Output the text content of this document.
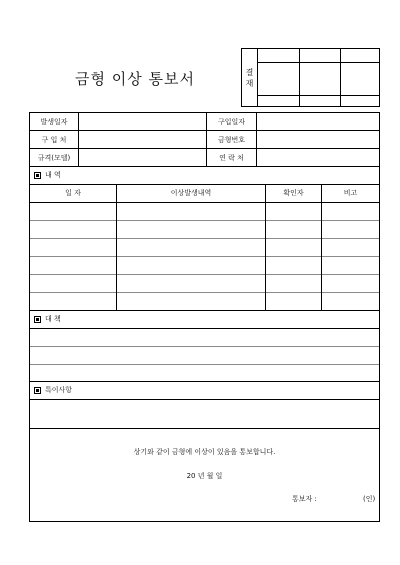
금형 이상 통보서	결
재
발생일자	구입일자
구 입 처	금형번호
규격(모델)	연 락 처
내 역
일 자	이상발생내역	확인자	비고
대 책
특이사항
상기와 같이 금형에 이상이 있음을 통보합니다.
20 년 월 일
통보자 :	(인)
